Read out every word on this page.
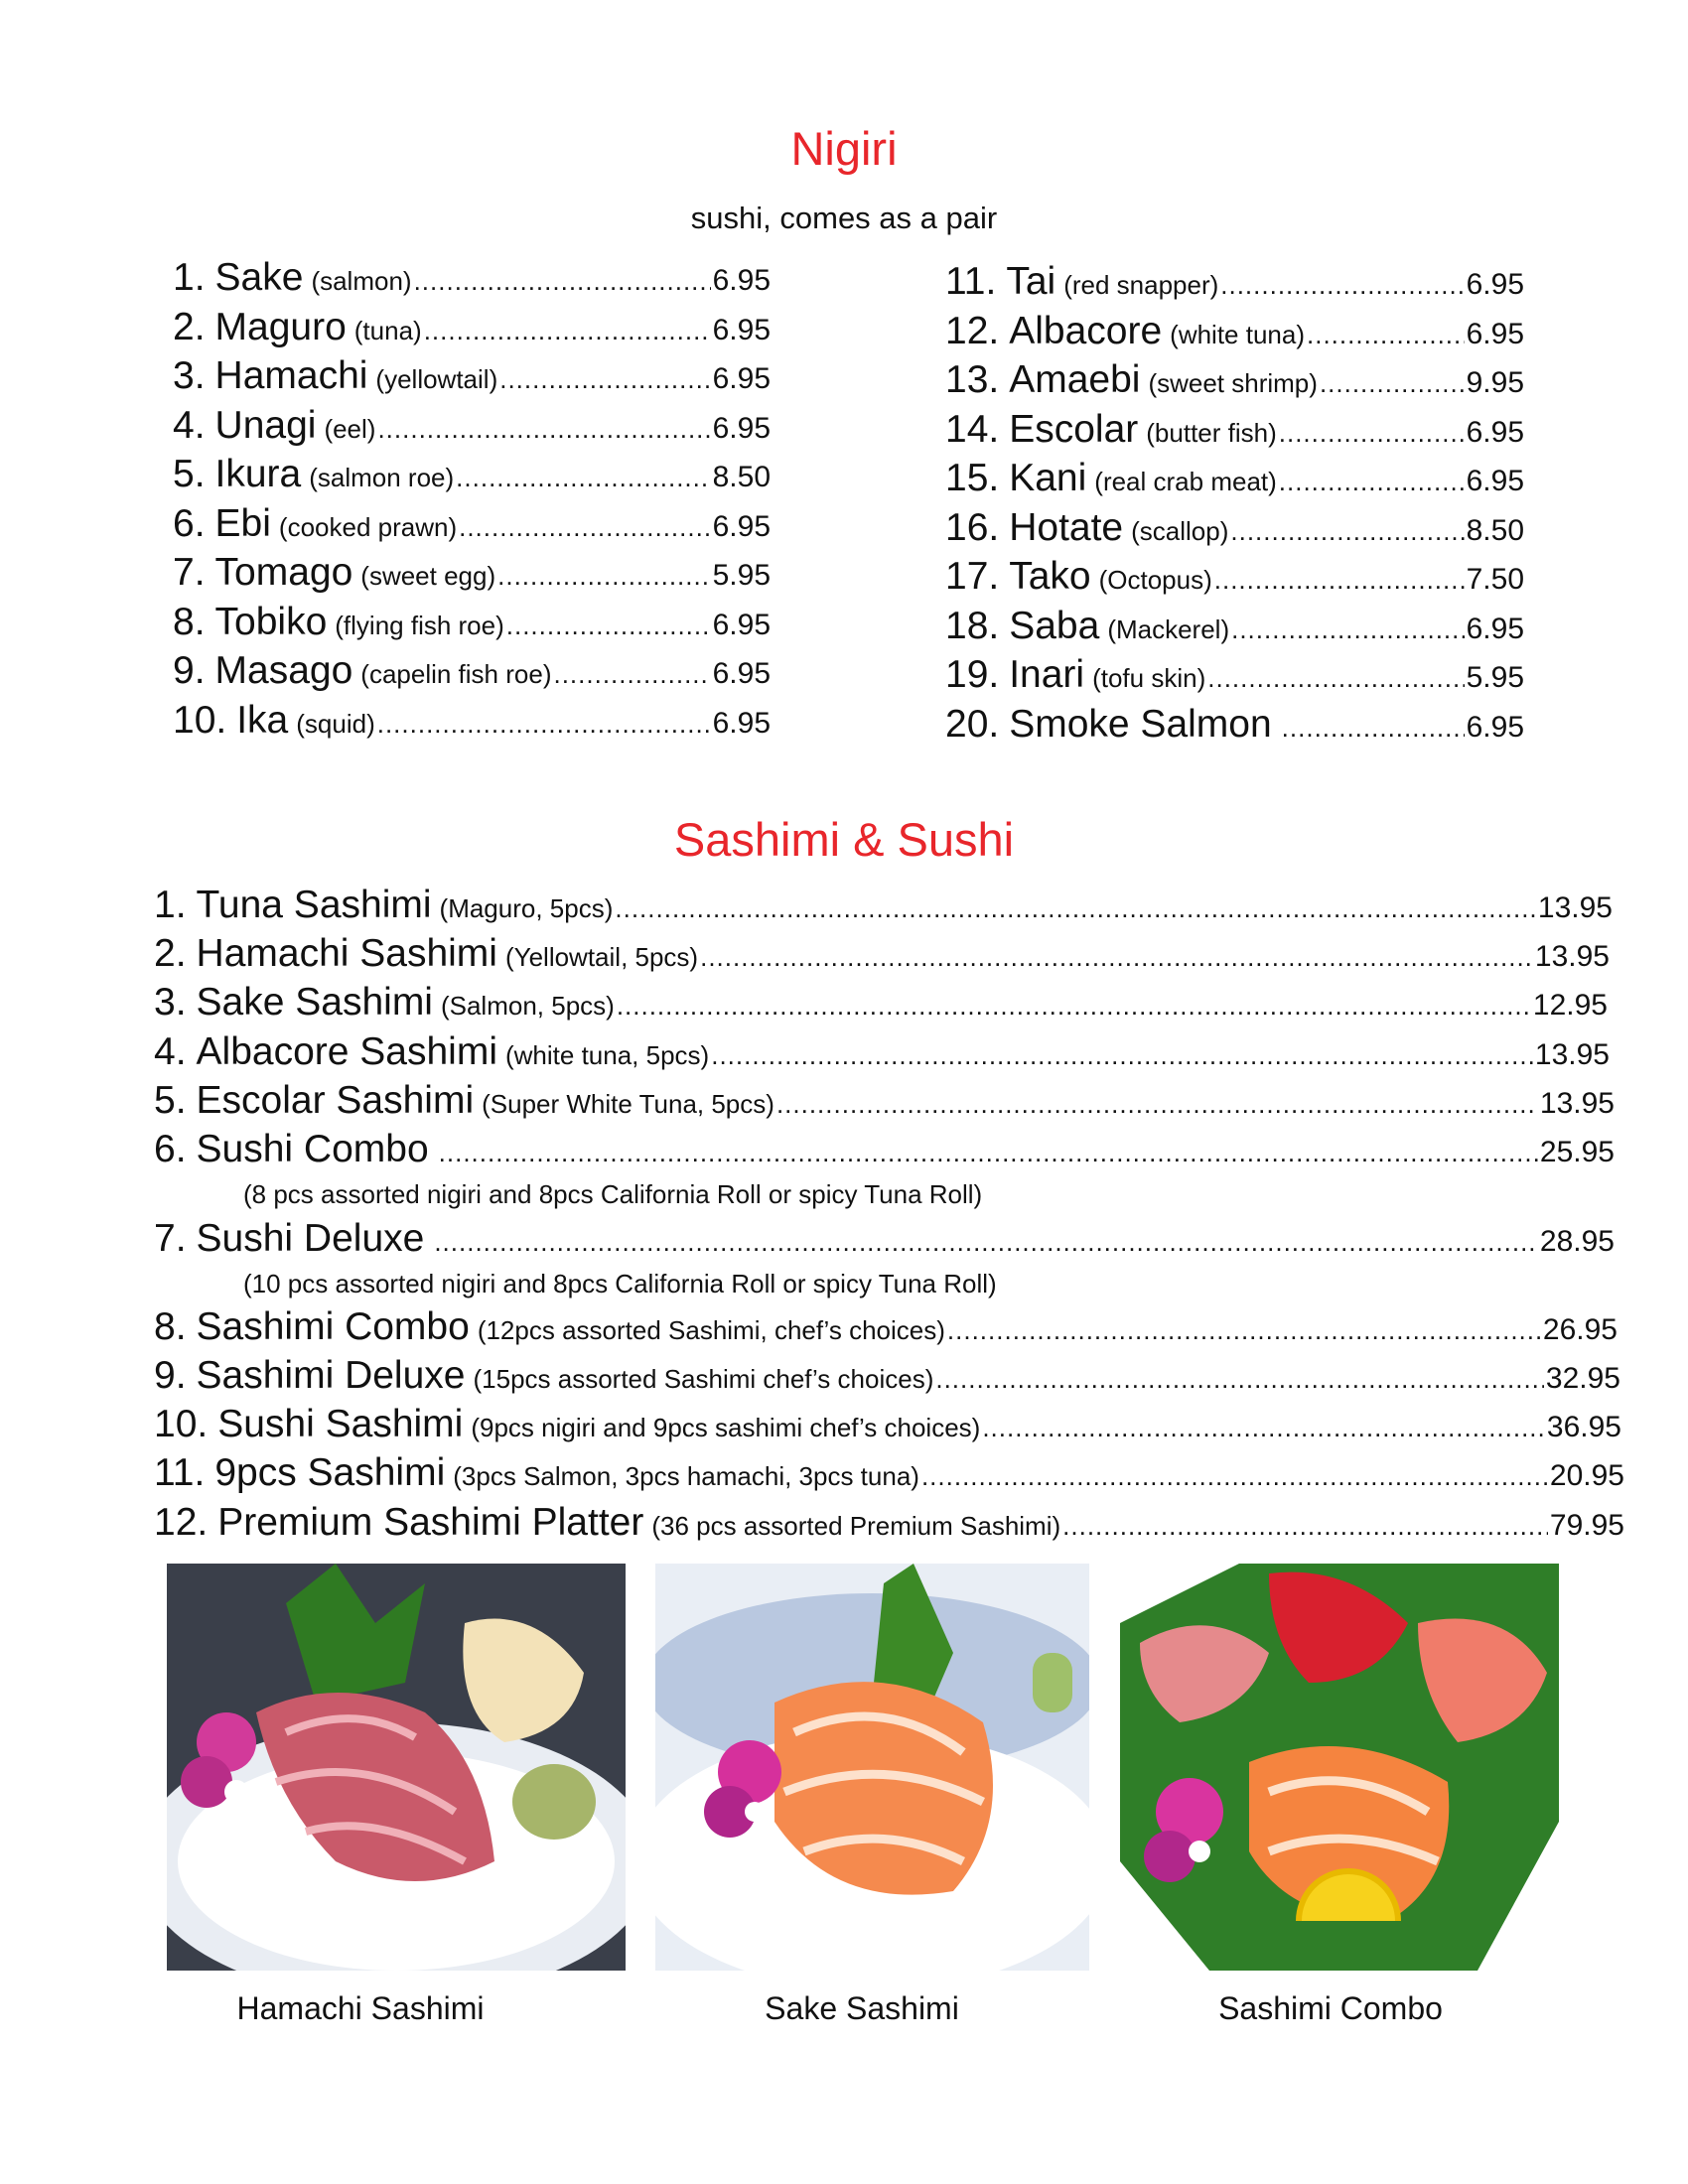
Nigiri
sushi, comes as a pair
1. Sake (salmon) .....	6.95
2. Maguro (tuna) .....	6.95
3. Hamachi (yellowtail) .....	6.95
4. Unagi (eel) .....	6.95
5. Ikura (salmon roe) .....	8.50
6. Ebi (cooked prawn) .....	6.95
7. Tomago (sweet egg) .....	5.95
8. Tobiko (flying fish roe) .....	6.95
9. Masago (capelin fish roe) .....	6.95
10. Ika (squid) .....	6.95
11. Tai (red snapper) .....	6.95
12. Albacore (white tuna) .....	6.95
13. Amaebi (sweet shrimp) .....	9.95
14. Escolar (butter fish) .....	6.95
15. Kani (real crab meat) .....	6.95
16. Hotate (scallop) .....	8.50
17. Tako (Octopus) .....	7.50
18. Saba (Mackerel) .....	6.95
19. Inari (tofu skin) .....	5.95
20. Smoke Salmon .....	6.95
Sashimi & Sushi
1. Tuna Sashimi (Maguro, 5pcs) .....	13.95
2. Hamachi Sashimi (Yellowtail, 5pcs) .....	13.95
3. Sake Sashimi (Salmon, 5pcs) .....	12.95
4. Albacore Sashimi (white tuna, 5pcs) .....	13.95
5. Escolar Sashimi (Super White Tuna, 5pcs) .....	13.95
6. Sushi Combo .....	25.95
(8 pcs assorted nigiri and 8pcs California Roll or spicy Tuna Roll)
7. Sushi Deluxe .....	28.95
(10 pcs assorted nigiri and 8pcs California Roll or spicy Tuna Roll)
8. Sashimi Combo (12pcs assorted Sashimi, chef’s choices) .....	26.95
9. Sashimi Deluxe (15pcs assorted Sashimi chef’s choices) .....	32.95
10. Sushi Sashimi (9pcs nigiri and 9pcs sashimi chef’s choices) .....	36.95
11. 9pcs Sashimi (3pcs Salmon, 3pcs hamachi, 3pcs tuna) .....	20.95
12. Premium Sashimi Platter (36 pcs assorted Premium Sashimi) .....	79.95
Hamachi Sashimi	Sake Sashimi	Sashimi Combo
